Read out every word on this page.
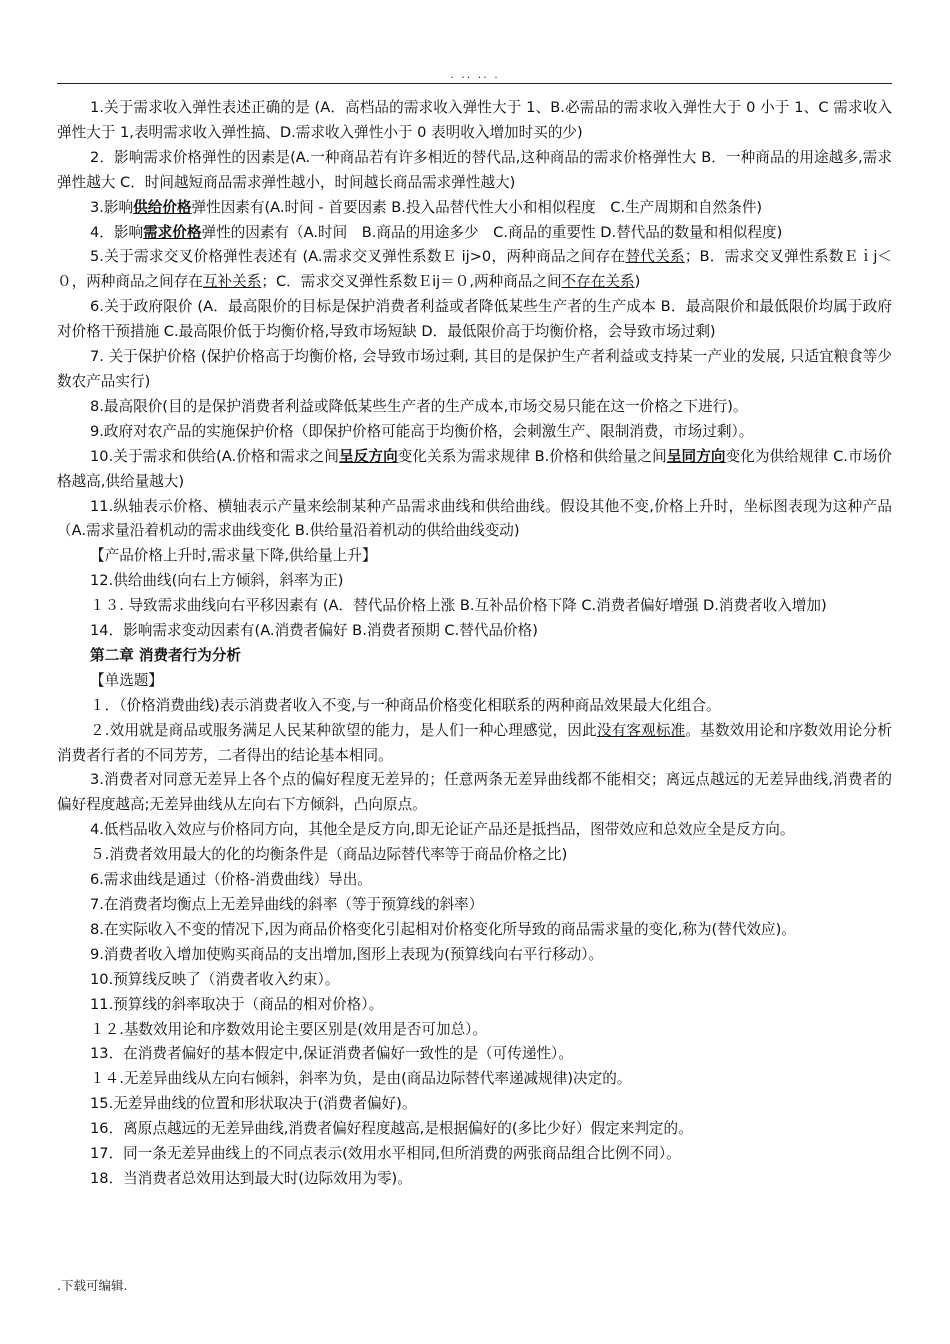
. .. .. .

1.关于需求收入弹性表述正确的是 (A．高档品的需求收入弹性大于 1、B.必需品的需求收入弹性大于 0 小于 1、C 需求收入弹性大于 1,表明需求收入弹性搞、D.需求收入弹性小于 0 表明收入增加时买的少)

2．影响需求价格弹性的因素是(A.一种商品若有许多相近的替代品,这种商品的需求价格弹性大 B．一种商品的用途越多,需求弹性越大 C．时间越短商品需求弹性越小，时间越长商品需求弹性越大)

3.影响供给价格弹性因素有(A.时间 - 首要因素 B.投入品替代性大小和相似程度　C.生产周期和自然条件)

4．影响需求价格弹性的因素有（A.时间　B.商品的用途多少　C.商品的重要性 D.替代品的数量和相似程度)

5.关于需求交叉价格弹性表述有 (A.需求交叉弹性系数Ｅ ij>0，两种商品之间存在替代关系；B．需求交叉弹性系数Ｅｉj＜０，两种商品之间存在互补关系；C．需求交叉弹性系数Ｅij＝０,两种商品之间不存在关系)

6.关于政府限价 (A．最高限价的目标是保护消费者利益或者降低某些生产者的生产成本 B．最高限价和最低限价均属于政府对价格干预措施 C.最高限价低于均衡价格,导致市场短缺 D．最低限价高于均衡价格，会导致市场过剩)

7. 关于保护价格 (保护价格高于均衡价格, 会导致市场过剩, 其目的是保护生产者利益或支持某一产业的发展, 只适宜粮食等少数农产品实行)

8.最高限价(目的是保护消费者利益或降低某些生产者的生产成本,市场交易只能在这一价格之下进行)。

9.政府对农产品的实施保护价格（即保护价格可能高于均衡价格，会刺激生产、限制消费，市场过剩）。

10.关于需求和供给(A.价格和需求之间呈反方向变化关系为需求规律 B.价格和供给量之间呈同方向变化为供给规律 C.市场价格越高,供给量越大)

11.纵轴表示价格、横轴表示产量来绘制某种产品需求曲线和供给曲线。假设其他不变,价格上升时，坐标图表现为这种产品（A.需求量沿着机动的需求曲线变化 B.供给量沿着机动的供给曲线变动)

【产品价格上升时,需求量下降,供给量上升】

12.供给曲线(向右上方倾斜，斜率为正)

１３. 导致需求曲线向右平移因素有 (A．替代品价格上涨 B.互补品价格下降 C.消费者偏好增强 D.消费者收入增加)

14．影响需求变动因素有(A.消费者偏好 B.消费者预期 C.替代品价格)

第二章 消费者行为分析

【单选题】

１．（价格消费曲线)表示消费者收入不变,与一种商品价格变化相联系的两种商品效果最大化组合。

２.效用就是商品或服务满足人民某种欲望的能力，是人们一种心理感觉，因此没有客观标准。基数效用论和序数效用论分析消费者行者的不同芳芳，二者得出的结论基本相同。

3.消费者对同意无差异上各个点的偏好程度无差异的；任意两条无差异曲线都不能相交；离远点越远的无差异曲线,消费者的偏好程度越高;无差异曲线从左向右下方倾斜，凸向原点。

4.低档品收入效应与价格同方向，其他全是反方向,即无论证产品还是抵挡品，图带效应和总效应全是反方向。

５.消费者效用最大的化的均衡条件是（商品边际替代率等于商品价格之比)

6.需求曲线是通过（价格-消费曲线）导出。

7.在消费者均衡点上无差异曲线的斜率（等于预算线的斜率）

8.在实际收入不变的情况下,因为商品价格变化引起相对价格变化所导致的商品需求量的变化,称为(替代效应)。

9.消费者收入增加使购买商品的支出增加,图形上表现为(预算线向右平行移动）。

10.预算线反映了（消费者收入约束）。

11.预算线的斜率取决于（商品的相对价格）。

１２.基数效用论和序数效用论主要区别是(效用是否可加总）。

13．在消费者偏好的基本假定中,保证消费者偏好一致性的是（可传递性）。

１４.无差异曲线从左向右倾斜，斜率为负，是由(商品边际替代率递减规律)决定的。

15.无差异曲线的位置和形状取决于(消费者偏好)。

16．离原点越远的无差异曲线,消费者偏好程度越高,是根据偏好的(多比少好）假定来判定的。

17．同一条无差异曲线上的不同点表示(效用水平相同,但所消费的两张商品组合比例不同）。

18．当消费者总效用达到最大时(边际效用为零)。

.下载可编辑.
